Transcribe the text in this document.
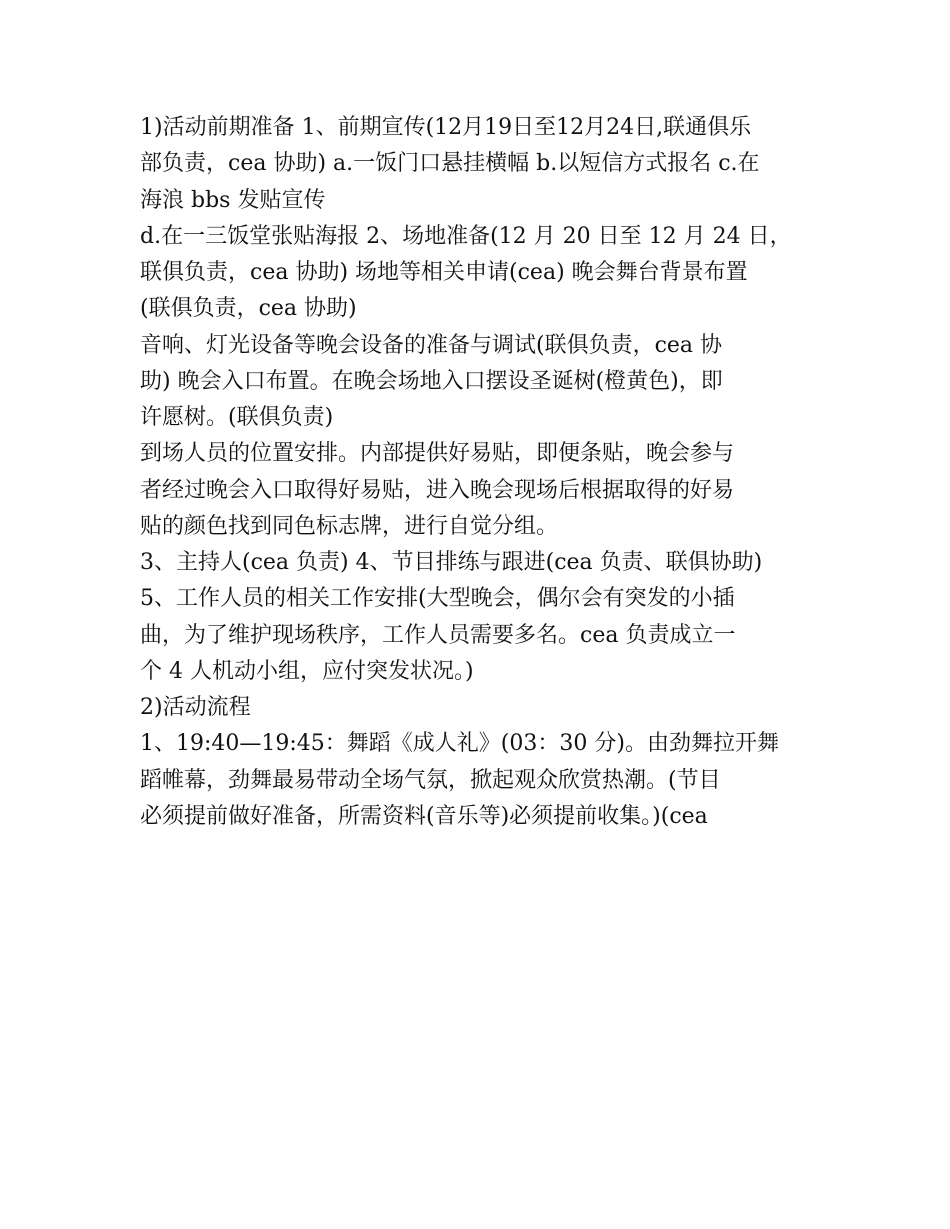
1)活动前期准备 1、前期宣传(12月19日至12月24日,联通俱乐
部负责，cea 协助) a.一饭门口悬挂横幅 b.以短信方式报名 c.在
海浪 bbs 发贴宣传
d.在一三饭堂张贴海报 2、场地准备(12 月 20 日至 12 月 24 日，
联俱负责，cea 协助) 场地等相关申请(cea) 晚会舞台背景布置
(联俱负责，cea 协助)
音响、灯光设备等晚会设备的准备与调试(联俱负责，cea 协
助) 晚会入口布置。在晚会场地入口摆设圣诞树(橙黄色)，即
许愿树。(联俱负责)
到场人员的位置安排。内部提供好易贴，即便条贴，晚会参与
者经过晚会入口取得好易贴，进入晚会现场后根据取得的好易
贴的颜色找到同色标志牌，进行自觉分组。
3、主持人(cea 负责) 4、节目排练与跟进(cea 负责、联俱协助)
5、工作人员的相关工作安排(大型晚会，偶尔会有突发的小插
曲，为了维护现场秩序，工作人员需要多名。cea 负责成立一
个 4 人机动小组，应付突发状况。)
2)活动流程
1、19:40—19:45：舞蹈《成人礼》(03：30 分)。由劲舞拉开舞
蹈帷幕，劲舞最易带动全场气氛，掀起观众欣赏热潮。(节目
必须提前做好准备，所需资料(音乐等)必须提前收集。)(cea
